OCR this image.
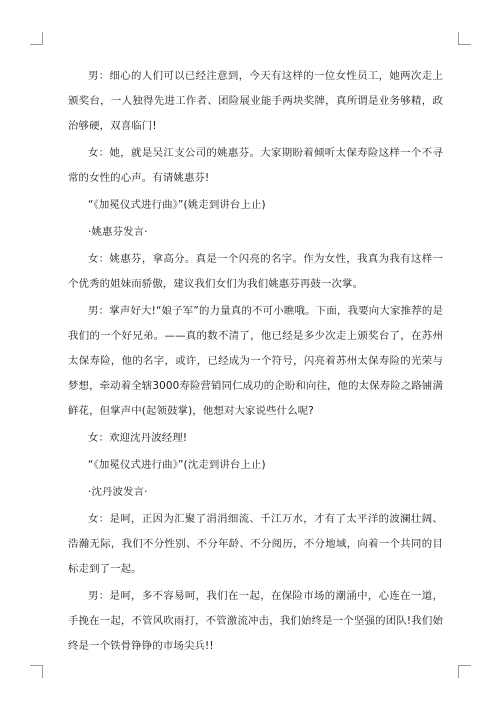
男：细心的人们可以已经注意到，今天有这样的一位女性员工，她两次走上颁奖台，一人独得先进工作者、团险展业能手两块奖牌，真所谓是业务够精，政治够硬，双喜临门!

女：她，就是吴江支公司的姚惠芬。大家期盼着倾听太保寿险这样一个不寻常的女性的心声。有请姚惠芬!

“《加冕仪式进行曲》”(姚走到讲台上止)

·姚惠芬发言·

女：姚惠芬，拿高分。真是一个闪亮的名字。作为女性，我真为我有这样一个优秀的姐妹而骄傲，建议我们女们为我们姚惠芬再鼓一次掌。

男：掌声好大!“娘子军”的力量真的不可小瞧哦。下面，我要向大家推荐的是我们的一个好兄弟。——真的数不清了，他已经是多少次走上颁奖台了，在苏州太保寿险，他的名字，或许，已经成为一个符号，闪亮着苏州太保寿险的光荣与梦想，牵动着全辖3000寿险营销同仁成功的企盼和向往，他的太保寿险之路铺满鲜花，但掌声中(起领鼓掌)，他想对大家说些什么呢?

女：欢迎沈丹波经理!

“《加冕仪式进行曲》”(沈走到讲台上止)

·沈丹波发言·

女：是呵，正因为汇聚了涓涓细流、千江万水，才有了太平洋的波澜壮阔、浩瀚无际，我们不分性别、不分年龄、不分阅历，不分地域，向着一个共同的目标走到了一起。

男：是呵，多不容易呵，我们在一起，在保险市场的潮涌中，心连在一道，手挽在一起，不管风吹雨打，不管激流冲击，我们始终是一个坚强的团队!我们始终是一个铁骨铮铮的市场尖兵!!
